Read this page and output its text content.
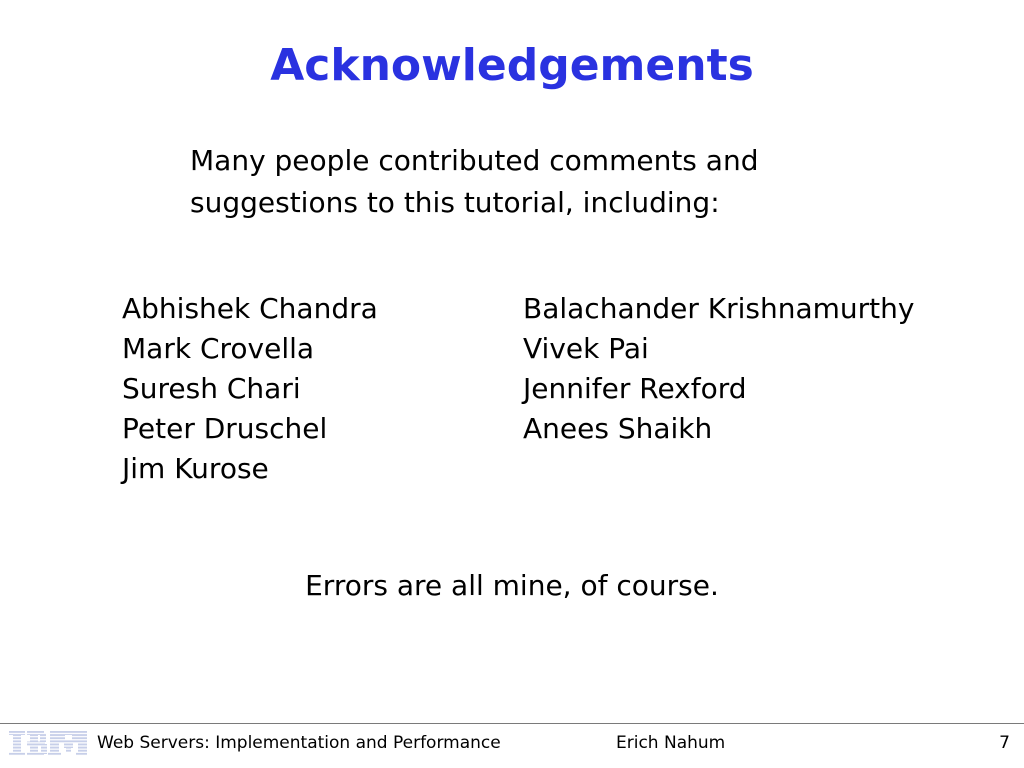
Acknowledgements
Many people contributed comments and
suggestions to this tutorial, including:
Abhishek Chandra
Mark Crovella
Suresh Chari
Peter Druschel
Jim Kurose
Balachander Krishnamurthy
Vivek Pai
Jennifer Rexford
Anees Shaikh
Errors are all mine, of course.
Web Servers: Implementation and Performance	Erich Nahum	7
